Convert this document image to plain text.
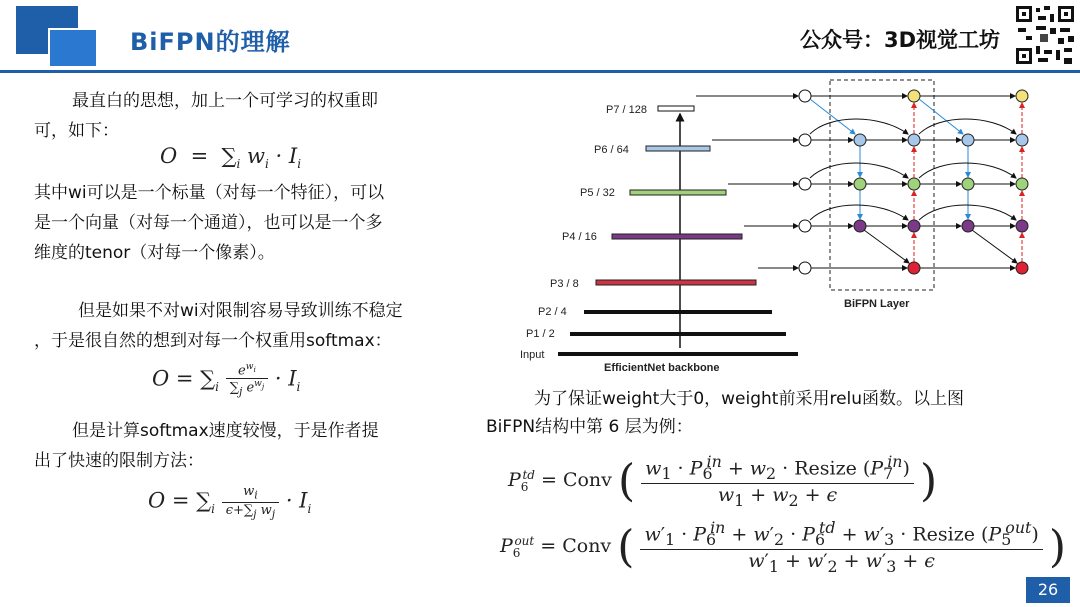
BiFPN的理解	公众号：3D视觉工坊
最直白的思想，加上一个可学习的权重即
可，如下：
$O = \sum_i$ $w_i \cdot I_i$
其中wi可以是一个标量（对每一个特征），可以
是一个向量（对每一个通道），也可以是一个多
维度的tenor（对每一个像素）。
但是如果不对wi对限制容易导致训练不稳定
，于是很自然的想到对每一个权重用softmax：
$O = \sum_i \frac{e^{w_i}}{\sum_j e^{w_j}} \cdot I_i$
但是计算softmax速度较慢，于是作者提
出了快速的限制方法：
$O = \sum_i \frac{w_i}{\epsilon+\sum_j w_j} \cdot I_i$
P7 / 128
P6 / 64
P5 / 32
P4 / 16
P3 / 8
P2 / 4
P1 / 2
Input
EfficientNet backbone
BiFPN Layer
为了保证weight大于0，weight前采用relu函数。以上图
BiFPN结构中第 6 层为例：
$P_6^{td}$ = Conv ( $\frac{w_1 \cdot P_6^{in} + w_2 \cdot Resize (P_7^{in})}{w_1 + w_2 + \epsilon}$ )
$P_6^{out}$ = Conv ( $\frac{w'_1 \cdot P_6^{in} + w'_2 \cdot P_6^{td} + w'_3 \cdot Resize (P_5^{out})}{w'_1 + w'_2 + w'_3 + \epsilon}$ )
26
